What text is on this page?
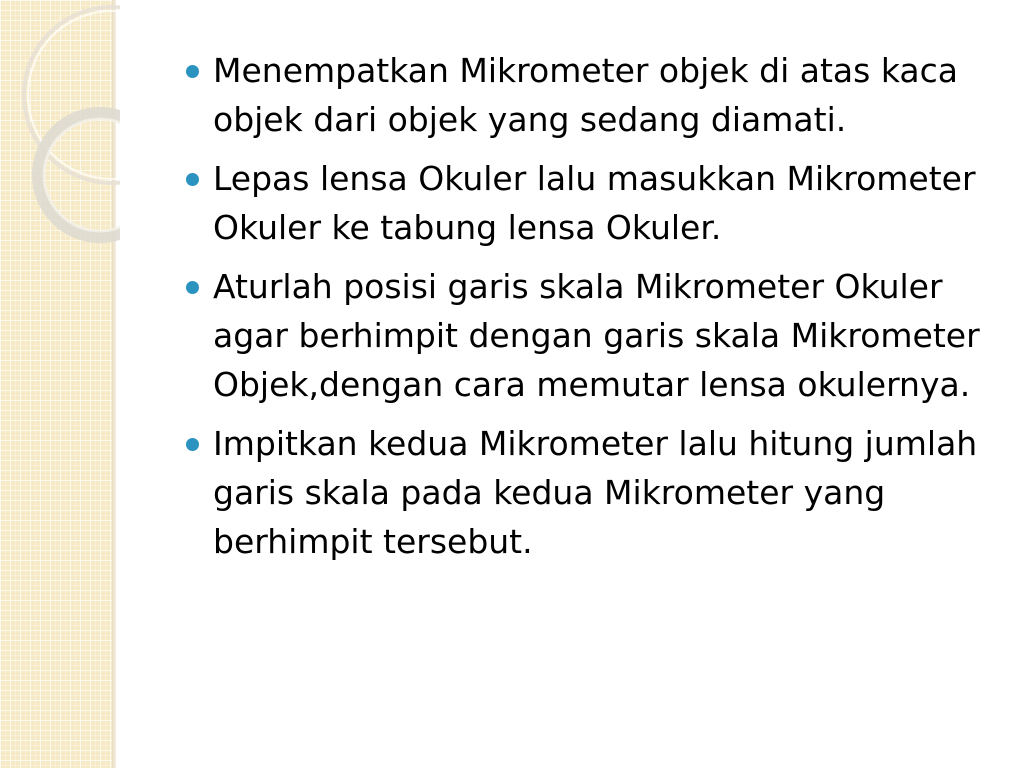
Menempatkan Mikrometer objek di atas kaca objek dari objek yang sedang diamati.
Lepas lensa Okuler lalu masukkan Mikrometer Okuler ke tabung lensa Okuler.
Aturlah posisi garis skala Mikrometer Okuler agar berhimpit dengan garis skala Mikrometer Objek,dengan cara memutar lensa okulernya.
Impitkan kedua Mikrometer lalu hitung jumlah garis skala pada kedua Mikrometer yang berhimpit tersebut.
